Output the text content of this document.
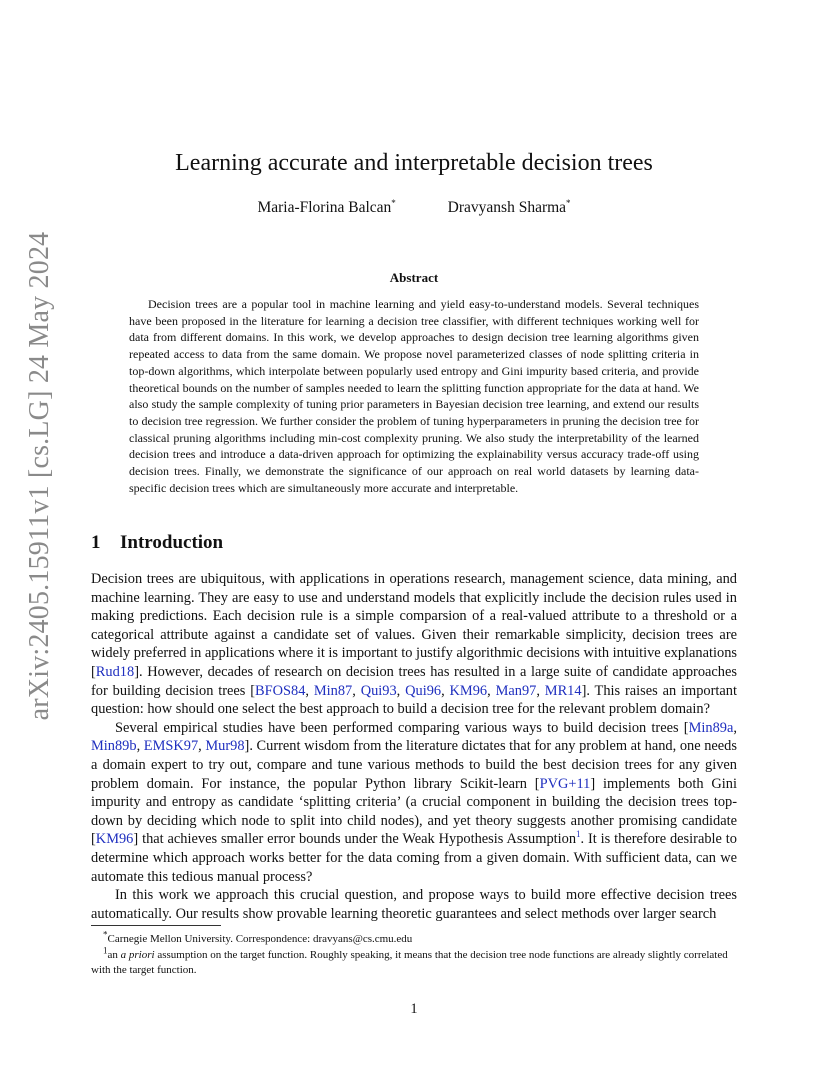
arXiv:2405.15911v1 [cs.LG] 24 May 2024
Learning accurate and interpretable decision trees
Maria-Florina Balcan*	Dravyansh Sharma*
Abstract

Decision trees are a popular tool in machine learning and yield easy-to-understand models. Several techniques have been proposed in the literature for learning a decision tree classifier, with different techniques working well for data from different domains. In this work, we develop approaches to design decision tree learning algorithms given repeated access to data from the same domain. We propose novel parameterized classes of node splitting criteria in top-down algorithms, which interpolate between popularly used entropy and Gini impurity based criteria, and provide theoretical bounds on the number of samples needed to learn the splitting function appropriate for the data at hand. We also study the sample complexity of tuning prior parameters in Bayesian decision tree learning, and extend our results to decision tree regression. We further consider the problem of tuning hyperparameters in pruning the decision tree for classical pruning algorithms including min-cost complexity pruning. We also study the interpretability of the learned decision trees and introduce a data-driven approach for optimizing the explainability versus accuracy trade-off using decision trees. Finally, we demonstrate the significance of our approach on real world datasets by learning data-specific decision trees which are simultaneously more accurate and interpretable.

1 Introduction

Decision trees are ubiquitous, with applications in operations research, management science, data mining, and machine learning. They are easy to use and understand models that explicitly include the decision rules used in making predictions. Each decision rule is a simple comparsion of a real-valued attribute to a threshold or a categorical attribute against a candidate set of values. Given their remarkable simplicity, decision trees are widely preferred in applications where it is important to justify algorithmic decisions with intuitive explanations [Rud18]. However, decades of research on decision trees has resulted in a large suite of candidate approaches for building decision trees [BFOS84, Min87, Qui93, Qui96, KM96, Man97, MR14]. This raises an important question: how should one select the best approach to build a decision tree for the relevant problem domain?

Several empirical studies have been performed comparing various ways to build decision trees [Min89a, Min89b, EMSK97, Mur98]. Current wisdom from the literature dictates that for any problem at hand, one needs a domain expert to try out, compare and tune various methods to build the best decision trees for any given problem domain. For instance, the popular Python library Scikit-learn [PVG+11] implements both Gini impurity and entropy as candidate ‘splitting criteria’ (a crucial component in building the decision trees top-down by deciding which node to split into child nodes), and yet theory suggests another promising candidate [KM96] that achieves smaller error bounds under the Weak Hypothesis Assumption$^1$. It is therefore desirable to determine which approach works better for the data coming from a given domain. With sufficient data, can we automate this tedious manual process?

In this work we approach this crucial question, and propose ways to build more effective decision trees automatically. Our results show provable learning theoretic guarantees and select methods over larger search

*Carnegie Mellon University. Correspondence: dravyans@cs.cmu.edu

$^1$an a priori assumption on the target function. Roughly speaking, it means that the decision tree node functions are already slightly correlated with the target function.

1
